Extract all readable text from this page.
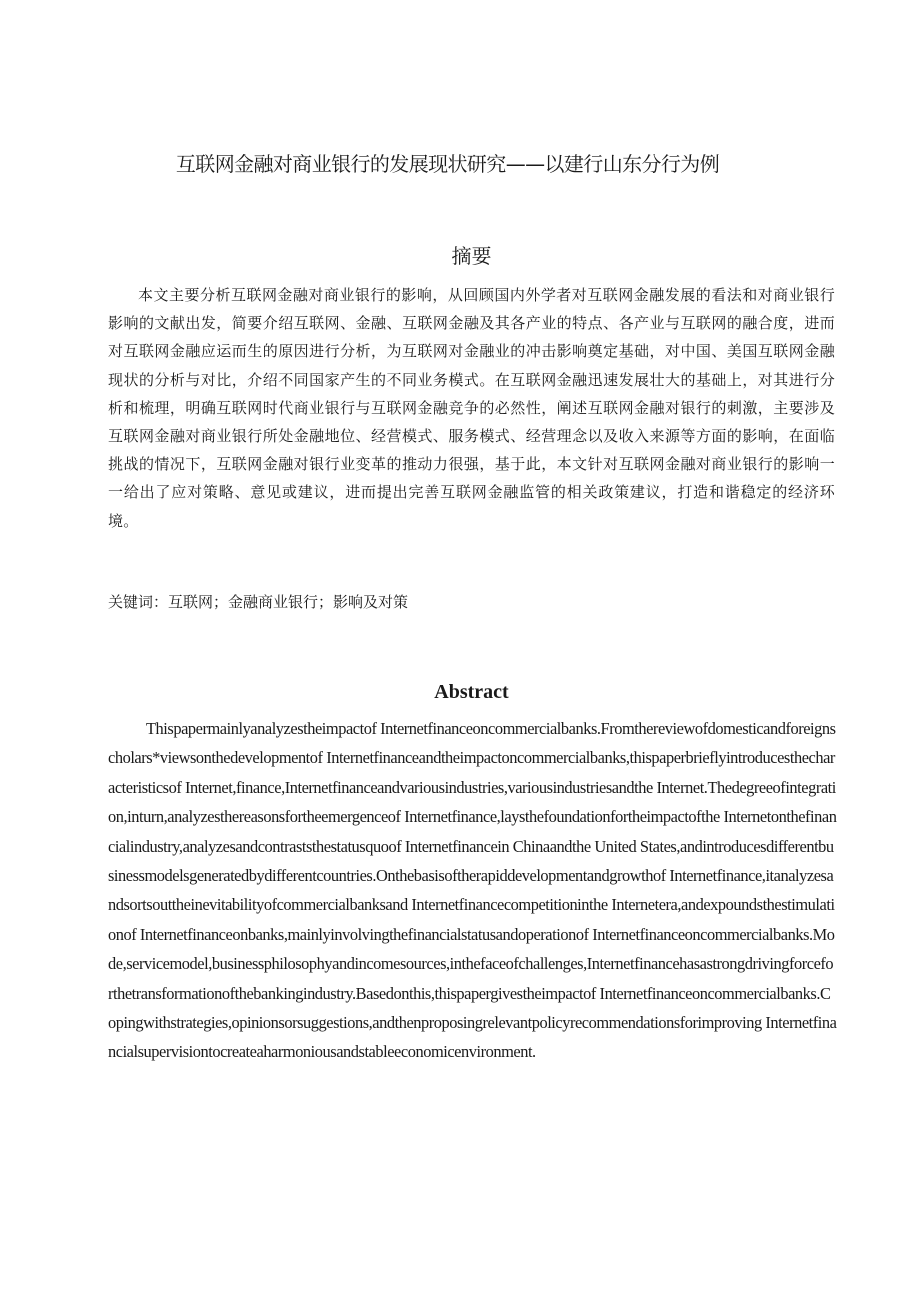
互联网金融对商业银行的发展现状研究——以建行山东分行为例
摘要

本文主要分析互联网金融对商业银行的影响，从回顾国内外学者对互联网金融发展的看法和对商业银行影响的文献出发，简要介绍互联网、金融、互联网金融及其各产业的特点、各产业与互联网的融合度，进而对互联网金融应运而生的原因进行分析，为互联网对金融业的冲击影响奠定基础，对中国、美国互联网金融现状的分析与对比，介绍不同国家产生的不同业务模式。在互联网金融迅速发展壮大的基础上，对其进行分析和梳理，明确互联网时代商业银行与互联网金融竞争的必然性，阐述互联网金融对银行的刺激，主要涉及互联网金融对商业银行所处金融地位、经营模式、服务模式、经营理念以及收入来源等方面的影响，在面临挑战的情况下，互联网金融对银行业变革的推动力很强，基于此，本文针对互联网金融对商业银行的影响一一给出了应对策略、意见或建议，进而提出完善互联网金融监管的相关政策建议，打造和谐稳定的经济环境。

关键词：互联网；金融商业银行；影响及对策

Abstract

Thispapermainlyanalyzestheimpactof Internetfinanceoncommercialbanks.Fromthereviewofdomesticandforeignscholars*viewsonthedevelopmentof Internetfinanceandtheimpactoncommercialbanks,thispaperbrieflyintroducesthecharacteristicsof Internet,finance,Internetfinanceandvariousindustries,variousindustriesandthe Internet.Thedegreeofintegration,inturn,analyzesthereasonsfortheemergenceof Internetfinance,laysthefoundationfortheimpactofthe Internetonthefinancialindustry,analyzesandcontraststhestatusquoof Internetfinancein Chinaandthe United States,andintroducesdifferentbusinessmodelsgeneratedbydifferentcountries.Onthebasisoftherapiddevelopmentandgrowthof Internetfinance,itanalyzesandsortsouttheinevitabilityofcommercialbanksand Internetfinancecompetitioninthe Internetera,andexpoundsthestimulationof Internetfinanceonbanks,mainlyinvolvingthefinancialstatusandoperationof Internetfinanceoncommercialbanks.Mode,servicemodel,businessphilosophyandincomesources,inthefaceofchallenges,Internetfinancehasastrongdrivingforceforthetransformationofthebankingindustry.Basedonthis,thispapergivestheimpactof Internetfinanceoncommercialbanks.Copingwithstrategies,opinionsorsuggestions,andthenproposingrelevantpolicyrecommendationsforimproving Internetfinancialsupervisiontocreateaharmoniousandstableeconomicenvironment.
